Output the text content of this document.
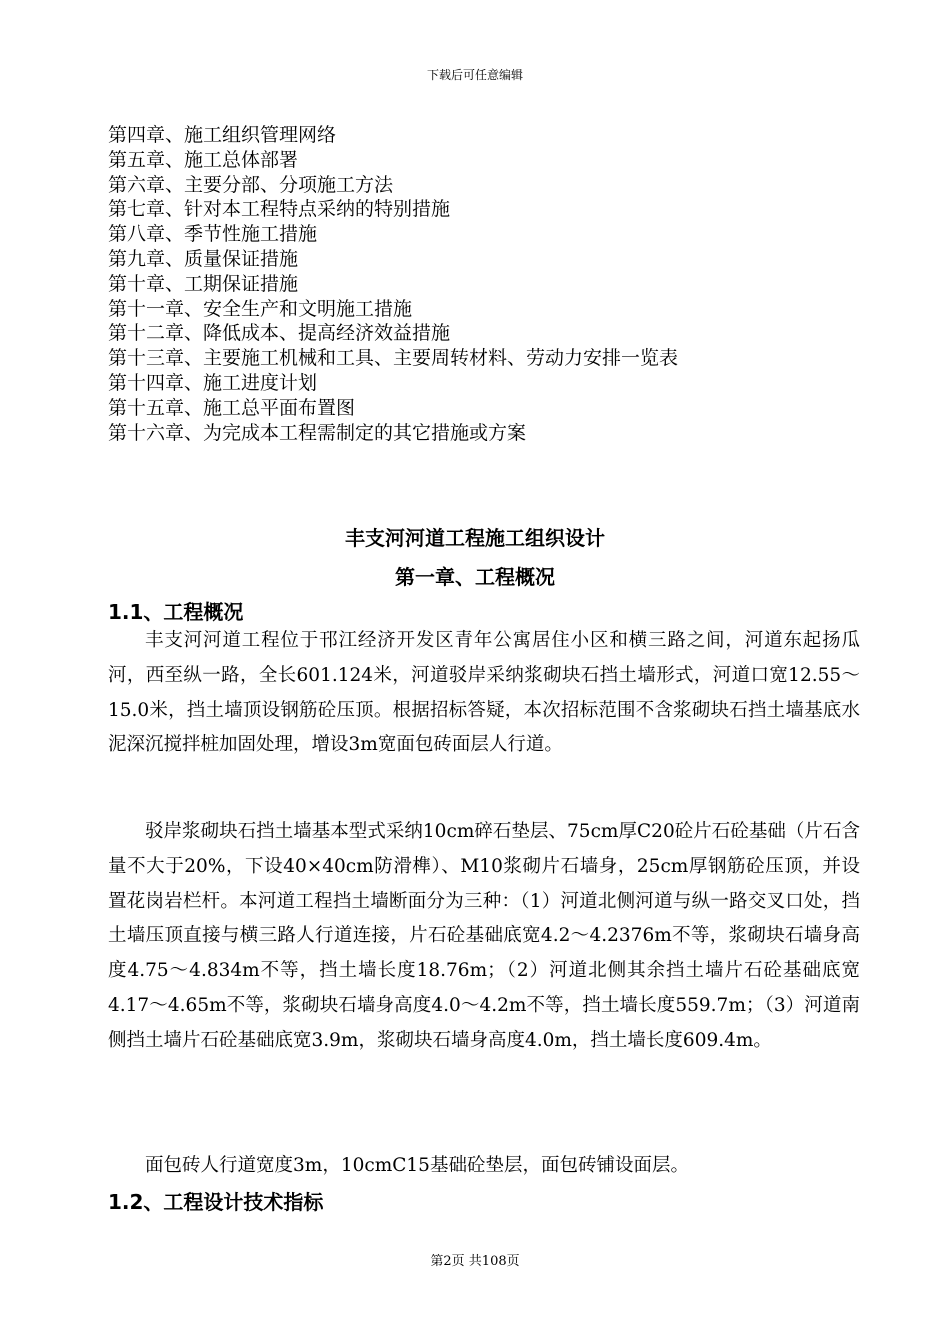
下载后可任意编辑
第四章、施工组织管理网络
第五章、施工总体部署
第六章、主要分部、分项施工方法
第七章、针对本工程特点采纳的特别措施
第八章、季节性施工措施
第九章、质量保证措施
第十章、工期保证措施
第十一章、安全生产和文明施工措施
第十二章、降低成本、提高经济效益措施
第十三章、主要施工机械和工具、主要周转材料、劳动力安排一览表
第十四章、施工进度计划
第十五章、施工总平面布置图
第十六章、为完成本工程需制定的其它措施或方案
丰支河河道工程施工组织设计
第一章、工程概况
1.1、工程概况

丰支河河道工程位于邗江经济开发区青年公寓居住小区和横三路之间，河道东起扬瓜河，西至纵一路，全长601.124米，河道驳岸采纳浆砌块石挡土墙形式，河道口宽12.55～15.0米，挡土墙顶设钢筋砼压顶。根据招标答疑，本次招标范围不含浆砌块石挡土墙基底水泥深沉搅拌桩加固处理，增设3m宽面包砖面层人行道。

驳岸浆砌块石挡土墙基本型式采纳10cm碎石垫层、75cm厚C20砼片石砼基础（片石含量不大于20%，下设40×40cm防滑榫）、M10浆砌片石墙身，25cm厚钢筋砼压顶，并设置花岗岩栏杆。本河道工程挡土墙断面分为三种：（1）河道北侧河道与纵一路交叉口处，挡土墙压顶直接与横三路人行道连接，片石砼基础底宽4.2～4.2376m不等，浆砌块石墙身高度4.75～4.834m不等，挡土墙长度18.76m；（2）河道北侧其余挡土墙片石砼基础底宽4.17～4.65m不等，浆砌块石墙身高度4.0～4.2m不等，挡土墙长度559.7m；（3）河道南侧挡土墙片石砼基础底宽3.9m，浆砌块石墙身高度4.0m，挡土墙长度609.4m。

面包砖人行道宽度3m，10cmC15基础砼垫层，面包砖铺设面层。

1.2、工程设计技术指标
第2页 共108页
